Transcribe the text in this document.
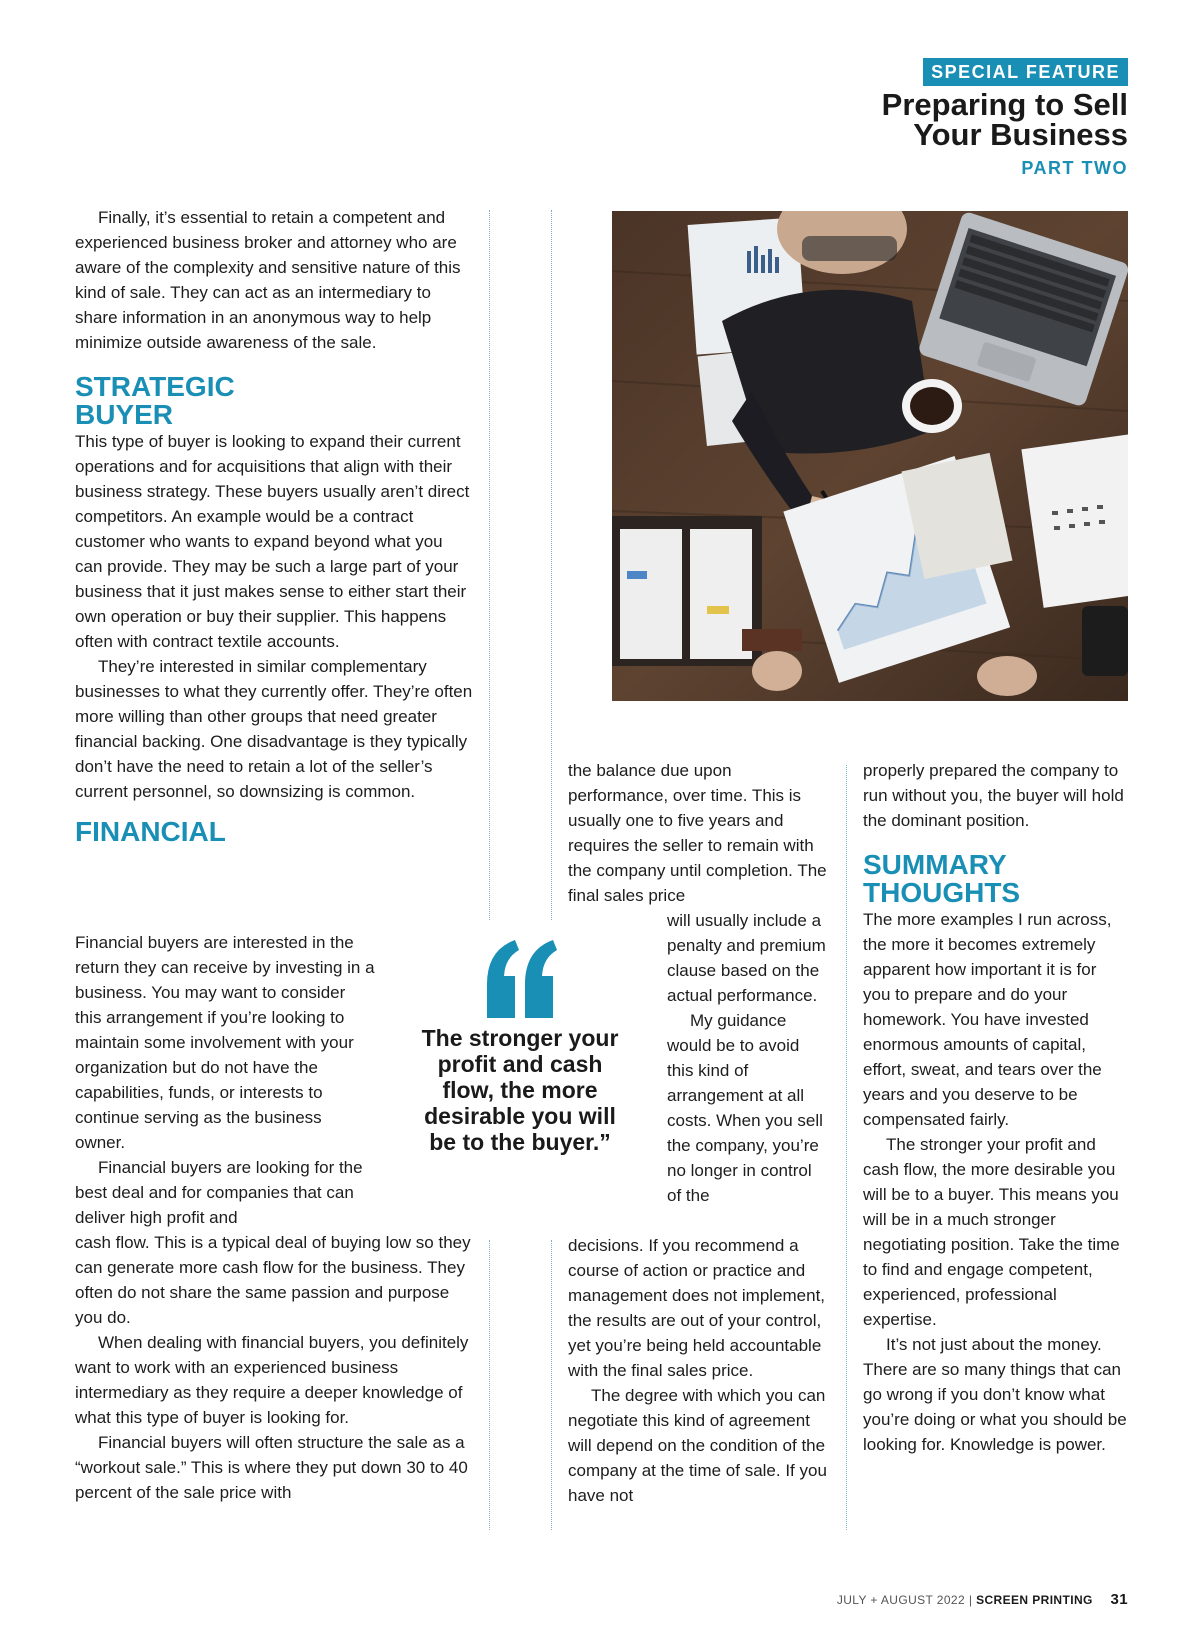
SPECIAL FEATURE
Preparing to Sell
Your Business
PART TWO

Finally, it’s essential to retain a competent and experienced business broker and attorney who are aware of the complexity and sensitive nature of this kind of sale. They can act as an intermediary to share information in an anonymous way to help minimize outside awareness of the sale.

STRATEGIC
BUYER

This type of buyer is looking to expand their current operations and for acquisitions that align with their business strategy. These buyers usually aren’t direct competitors. An example would be a contract customer who wants to expand beyond what you can provide. They may be such a large part of your business that it just makes sense to either start their own operation or buy their supplier. This happens often with contract textile accounts.

They’re interested in similar complementary businesses to what they currently offer. They’re often more willing than other groups that need greater financial backing. One disadvantage is they typically don’t have the need to retain a lot of the seller’s current personnel, so downsizing is common.

FINANCIAL

Financial buyers are interested in the return they can receive by investing in a business. You may want to consider this arrangement if you’re looking to maintain some involvement with your organization but do not have the capabilities, funds, or interests to continue serving as the business owner.

Financial buyers are looking for the best deal and for companies that can deliver high profit and

cash flow. This is a typical deal of buying low so they can generate more cash flow for the business. They often do not share the same passion and purpose you do.

When dealing with financial buyers, you definitely want to work with an experienced business intermediary as they require a deeper knowledge of what this type of buyer is looking for.

Financial buyers will often structure the sale as a “workout sale.” This is where they put down 30 to 40 percent of the sale price with

the balance due upon performance, over time. This is usually one to five years and requires the seller to remain with the company until completion. The final sales price

will usually include a penalty and premium clause based on the actual performance.

My guidance would be to avoid this kind of arrangement at all costs. When you sell the company, you’re no longer in control of the

decisions. If you recommend a course of action or practice and management does not implement, the results are out of your control, yet you’re being held accountable with the final sales price.

The degree with which you can negotiate this kind of agreement will depend on the condition of the company at the time of sale. If you have not

The stronger your profit and cash flow, the more desirable you will be to the buyer.”

properly prepared the company to run without you, the buyer will hold the dominant position.

SUMMARY
THOUGHTS

The more examples I run across, the more it becomes extremely apparent how important it is for you to prepare and do your homework. You have invested enormous amounts of capital, effort, sweat, and tears over the years and you deserve to be compensated fairly.

The stronger your profit and cash flow, the more desirable you will be to a buyer. This means you will be in a much stronger negotiating position. Take the time to find and engage competent, experienced, professional expertise.

It’s not just about the money. There are so many things that can go wrong if you don’t know what you’re doing or what you should be looking for. Knowledge is power.

JULY + AUGUST 2022 | SCREEN PRINTING 31
